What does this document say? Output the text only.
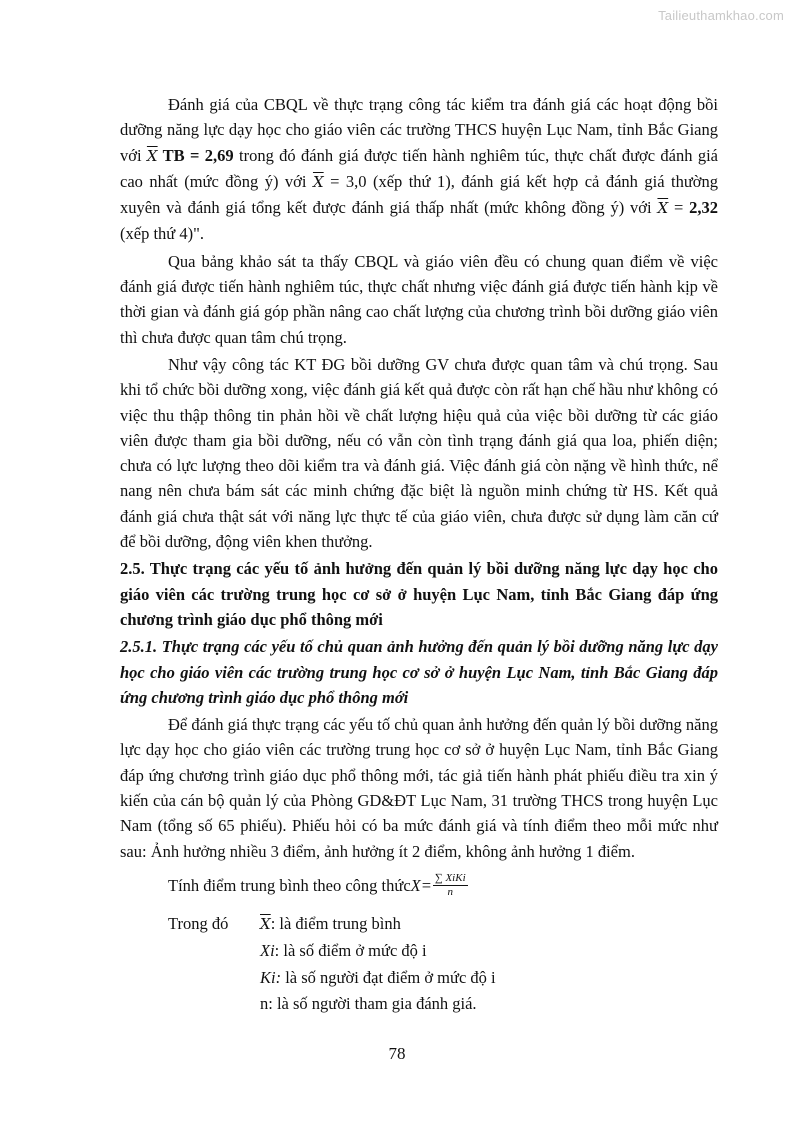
Tailieuthamkhao.com

Đánh giá của CBQL về thực trạng công tác kiểm tra đánh giá các hoạt động bồi dưỡng năng lực dạy học cho giáo viên các trường THCS huyện Lục Nam, tỉnh Bắc Giang với $\overline{X}$ TB = 2,69 trong đó đánh giá được tiến hành nghiêm túc, thực chất được đánh giá cao nhất (mức đồng ý) với $\overline{X} = 3,0$ (xếp thứ 1), đánh giá kết hợp cả đánh giá thường xuyên và đánh giá tổng kết được đánh giá thấp nhất (mức không đồng ý) với $\overline{X} = 2,32$ (xếp thứ 4)".

Qua bảng khảo sát ta thấy CBQL và giáo viên đều có chung quan điểm về việc đánh giá được tiến hành nghiêm túc, thực chất nhưng việc đánh giá được tiến hành kịp về thời gian và đánh giá góp phần nâng cao chất lượng của chương trình bồi dưỡng giáo viên thì chưa được quan tâm chú trọng.

Như vậy công tác KT ĐG bồi dưỡng GV chưa được quan tâm và chú trọng. Sau khi tổ chức bồi dưỡng xong, việc đánh giá kết quả được còn rất hạn chế hầu như không có việc thu thập thông tin phản hồi về chất lượng hiệu quả của việc bồi dưỡng từ các giáo viên được tham gia bồi dưỡng, nếu có vẫn còn tình trạng đánh giá qua loa, phiến diện; chưa có lực lượng theo dõi kiểm tra và đánh giá. Việc đánh giá còn nặng về hình thức, nể nang nên chưa bám sát các minh chứng đặc biệt là nguồn minh chứng từ HS. Kết quả đánh giá chưa thật sát với năng lực thực tế của giáo viên, chưa được sử dụng làm căn cứ để bồi dưỡng, động viên khen thưởng.

2.5. Thực trạng các yếu tố ảnh hưởng đến quản lý bồi dưỡng năng lực dạy học cho giáo viên các trường trung học cơ sở ở huyện Lục Nam, tỉnh Bắc Giang đáp ứng chương trình giáo dục phổ thông mới

2.5.1. Thực trạng các yếu tố chủ quan ảnh hưởng đến quản lý bồi dưỡng năng lực dạy học cho giáo viên các trường trung học cơ sở ở huyện Lục Nam, tỉnh Bắc Giang đáp ứng chương trình giáo dục phổ thông mới

Để đánh giá thực trạng các yếu tố chủ quan ảnh hưởng đến quản lý bồi dưỡng năng lực dạy học cho giáo viên các trường trung học cơ sở ở huyện Lục Nam, tỉnh Bắc Giang đáp ứng chương trình giáo dục phổ thông mới, tác giả tiến hành phát phiếu điều tra xin ý kiến của cán bộ quản lý của Phòng GD&ĐT Lục Nam, 31 trường THCS trong huyện Lục Nam (tổng số 65 phiếu). Phiếu hỏi có ba mức đánh giá và tính điểm theo mỗi mức như sau: Ảnh hưởng nhiều 3 điểm, ảnh hưởng ít 2 điểm, không ảnh hưởng 1 điểm.

Tính điểm trung bình theo công thức $X= \frac{\text{∑ XiKi}}{n}$
Trong đó	$\overline{X}$: là điểm trung bình
Xi: là số điểm ở mức độ i
Ki: là số người đạt điểm ở mức độ i
n: là số người tham gia đánh giá.
78
